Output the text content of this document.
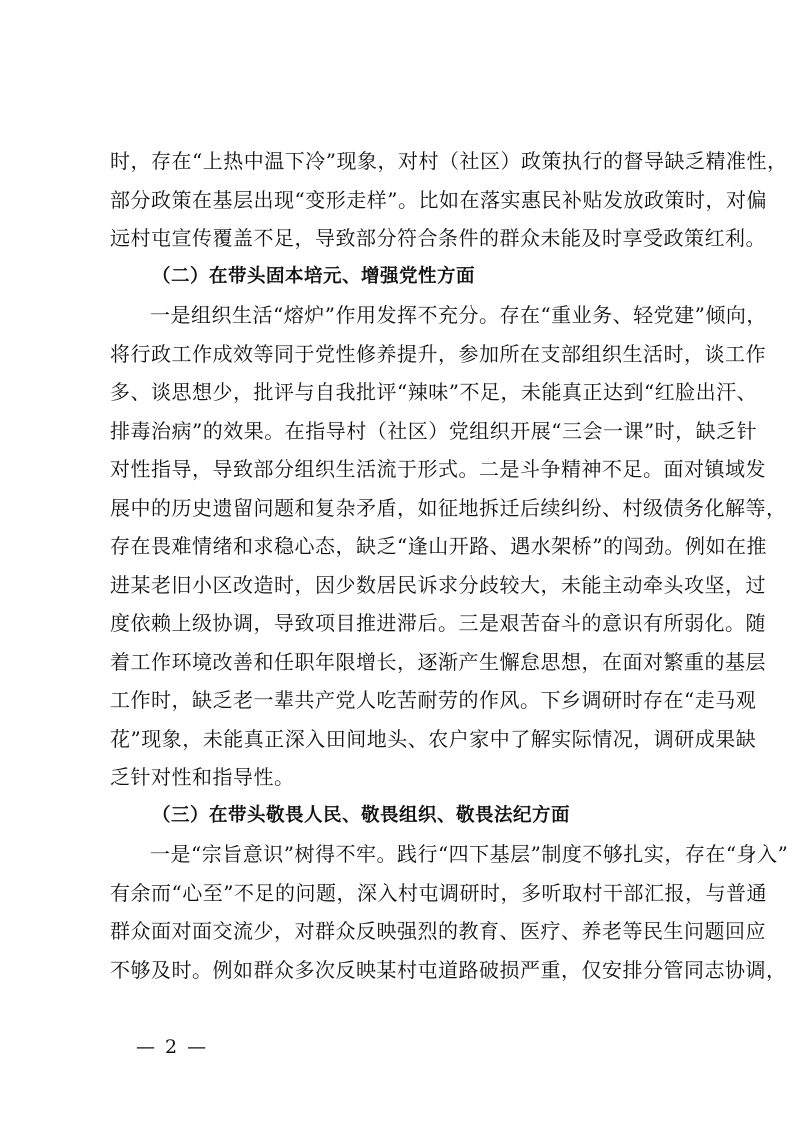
时，存在“上热中温下冷”现象，对村（社区）政策执行的督导缺乏精准性，
部分政策在基层出现“变形走样”。比如在落实惠民补贴发放政策时，对偏
远村屯宣传覆盖不足，导致部分符合条件的群众未能及时享受政策红利。
（二）在带头固本培元、增强党性方面
一是组织生活“熔炉”作用发挥不充分。存在“重业务、轻党建”倾向，
将行政工作成效等同于党性修养提升，参加所在支部组织生活时，谈工作
多、谈思想少，批评与自我批评“辣味”不足，未能真正达到“红脸出汗、
排毒治病”的效果。在指导村（社区）党组织开展“三会一课”时，缺乏针
对性指导，导致部分组织生活流于形式。二是斗争精神不足。面对镇域发
展中的历史遗留问题和复杂矛盾，如征地拆迁后续纠纷、村级债务化解等，
存在畏难情绪和求稳心态，缺乏“逢山开路、遇水架桥”的闯劲。例如在推
进某老旧小区改造时，因少数居民诉求分歧较大，未能主动牵头攻坚，过
度依赖上级协调，导致项目推进滞后。三是艰苦奋斗的意识有所弱化。随
着工作环境改善和任职年限增长，逐渐产生懈怠思想，在面对繁重的基层
工作时，缺乏老一辈共产党人吃苦耐劳的作风。下乡调研时存在“走马观
花”现象，未能真正深入田间地头、农户家中了解实际情况，调研成果缺
乏针对性和指导性。
（三）在带头敬畏人民、敬畏组织、敬畏法纪方面
一是“宗旨意识”树得不牢。践行“四下基层”制度不够扎实，存在“身入”
有余而“心至”不足的问题，深入村屯调研时，多听取村干部汇报，与普通
群众面对面交流少，对群众反映强烈的教育、医疗、养老等民生问题回应
不够及时。例如群众多次反映某村屯道路破损严重，仅安排分管同志协调，
— 2 —
